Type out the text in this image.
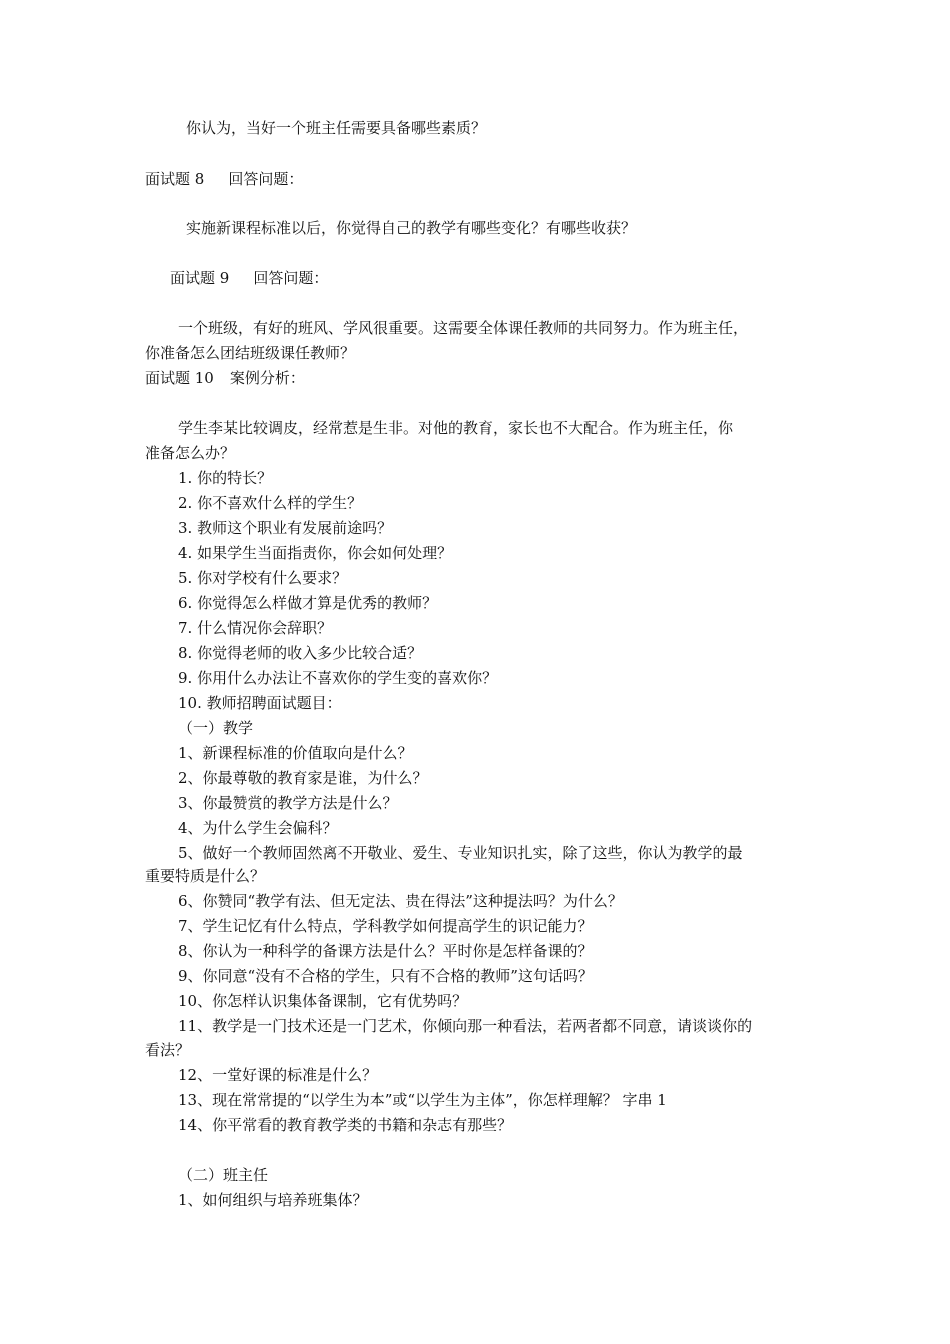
你认为，当好一个班主任需要具备哪些素质？
面试题 8 回答问题：
实施新课程标准以后，你觉得自己的教学有哪些变化？有哪些收获？
面试题 9 回答问题：
一个班级，有好的班风、学风很重要。这需要全体课任教师的共同努力。作为班主任，
你准备怎么团结班级课任教师？
面试题 10 案例分析：
学生李某比较调皮，经常惹是生非。对他的教育，家长也不大配合。作为班主任，你
准备怎么办？
1. 你的特长？
2. 你不喜欢什么样的学生？
3. 教师这个职业有发展前途吗？
4. 如果学生当面指责你，你会如何处理？
5. 你对学校有什么要求？
6. 你觉得怎么样做才算是优秀的教师？
7. 什么情况你会辞职？
8. 你觉得老师的收入多少比较合适？
9. 你用什么办法让不喜欢你的学生变的喜欢你？
10. 教师招聘面试题目：
（一）教学
1、新课程标准的价值取向是什么？
2、你最尊敬的教育家是谁，为什么？
3、你最赞赏的教学方法是什么？
4、为什么学生会偏科？
5、做好一个教师固然离不开敬业、爱生、专业知识扎实，除了这些，你认为教学的最
重要特质是什么？
6、你赞同“教学有法、但无定法、贵在得法”这种提法吗？为什么？
7、学生记忆有什么特点，学科教学如何提高学生的识记能力？
8、你认为一种科学的备课方法是什么？平时你是怎样备课的？
9、你同意“没有不合格的学生，只有不合格的教师”这句话吗？
10、你怎样认识集体备课制，它有优势吗？
11、教学是一门技术还是一门艺术，你倾向那一种看法，若两者都不同意，请谈谈你的
看法？
12、一堂好课的标准是什么？
13、现在常常提的“以学生为本”或“以学生为主体”，你怎样理解？ 字串 1
14、你平常看的教育教学类的书籍和杂志有那些？
（二）班主任
1、如何组织与培养班集体？
